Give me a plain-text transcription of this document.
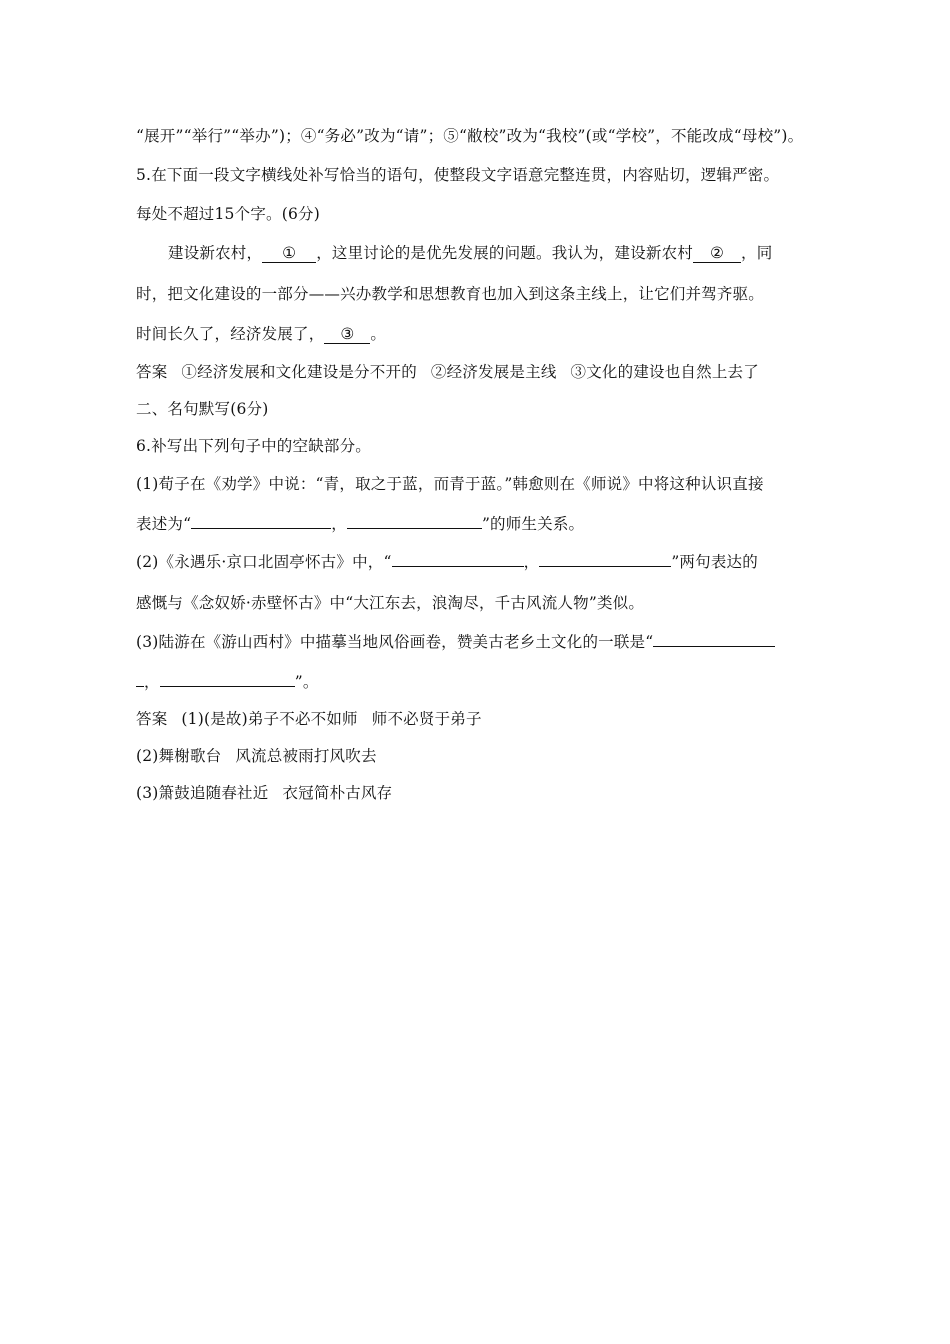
“展开”“举行”“举办”)；④“务必”改为“请”；⑤“敝校”改为“我校”(或“学校”，不能改成“母校”)。
5.在下面一段文字横线处补写恰当的语句，使整段文字语意完整连贯，内容贴切，逻辑严密。
每处不超过15个字。(6分)
建设新农村， ① ，这里讨论的是优先发展的问题。我认为，建设新农村 ② ，同
时，把文化建设的一部分——兴办教学和思想教育也加入到这条主线上，让它们并驾齐驱。
时间长久了，经济发展了， ③ 。
答案 ①经济发展和文化建设是分不开的 ②经济发展是主线 ③文化的建设也自然上去了
二、名句默写(6分)
6.补写出下列句子中的空缺部分。
(1)荀子在《劝学》中说：“青，取之于蓝，而青于蓝。”韩愈则在《师说》中将这种认识直接
表述为“	，	”的师生关系。
(2)《永遇乐·京口北固亭怀古》中，“	，	”两句表达的
感慨与《念奴娇·赤壁怀古》中“大江东去，浪淘尽，千古风流人物”类似。
(3)陆游在《游山西村》中描摹当地风俗画卷，赞美古老乡土文化的一联是“
，	”。
答案 (1)(是故)弟子不必不如师 师不必贤于弟子
(2)舞榭歌台 风流总被雨打风吹去
(3)箫鼓追随春社近 衣冠简朴古风存
